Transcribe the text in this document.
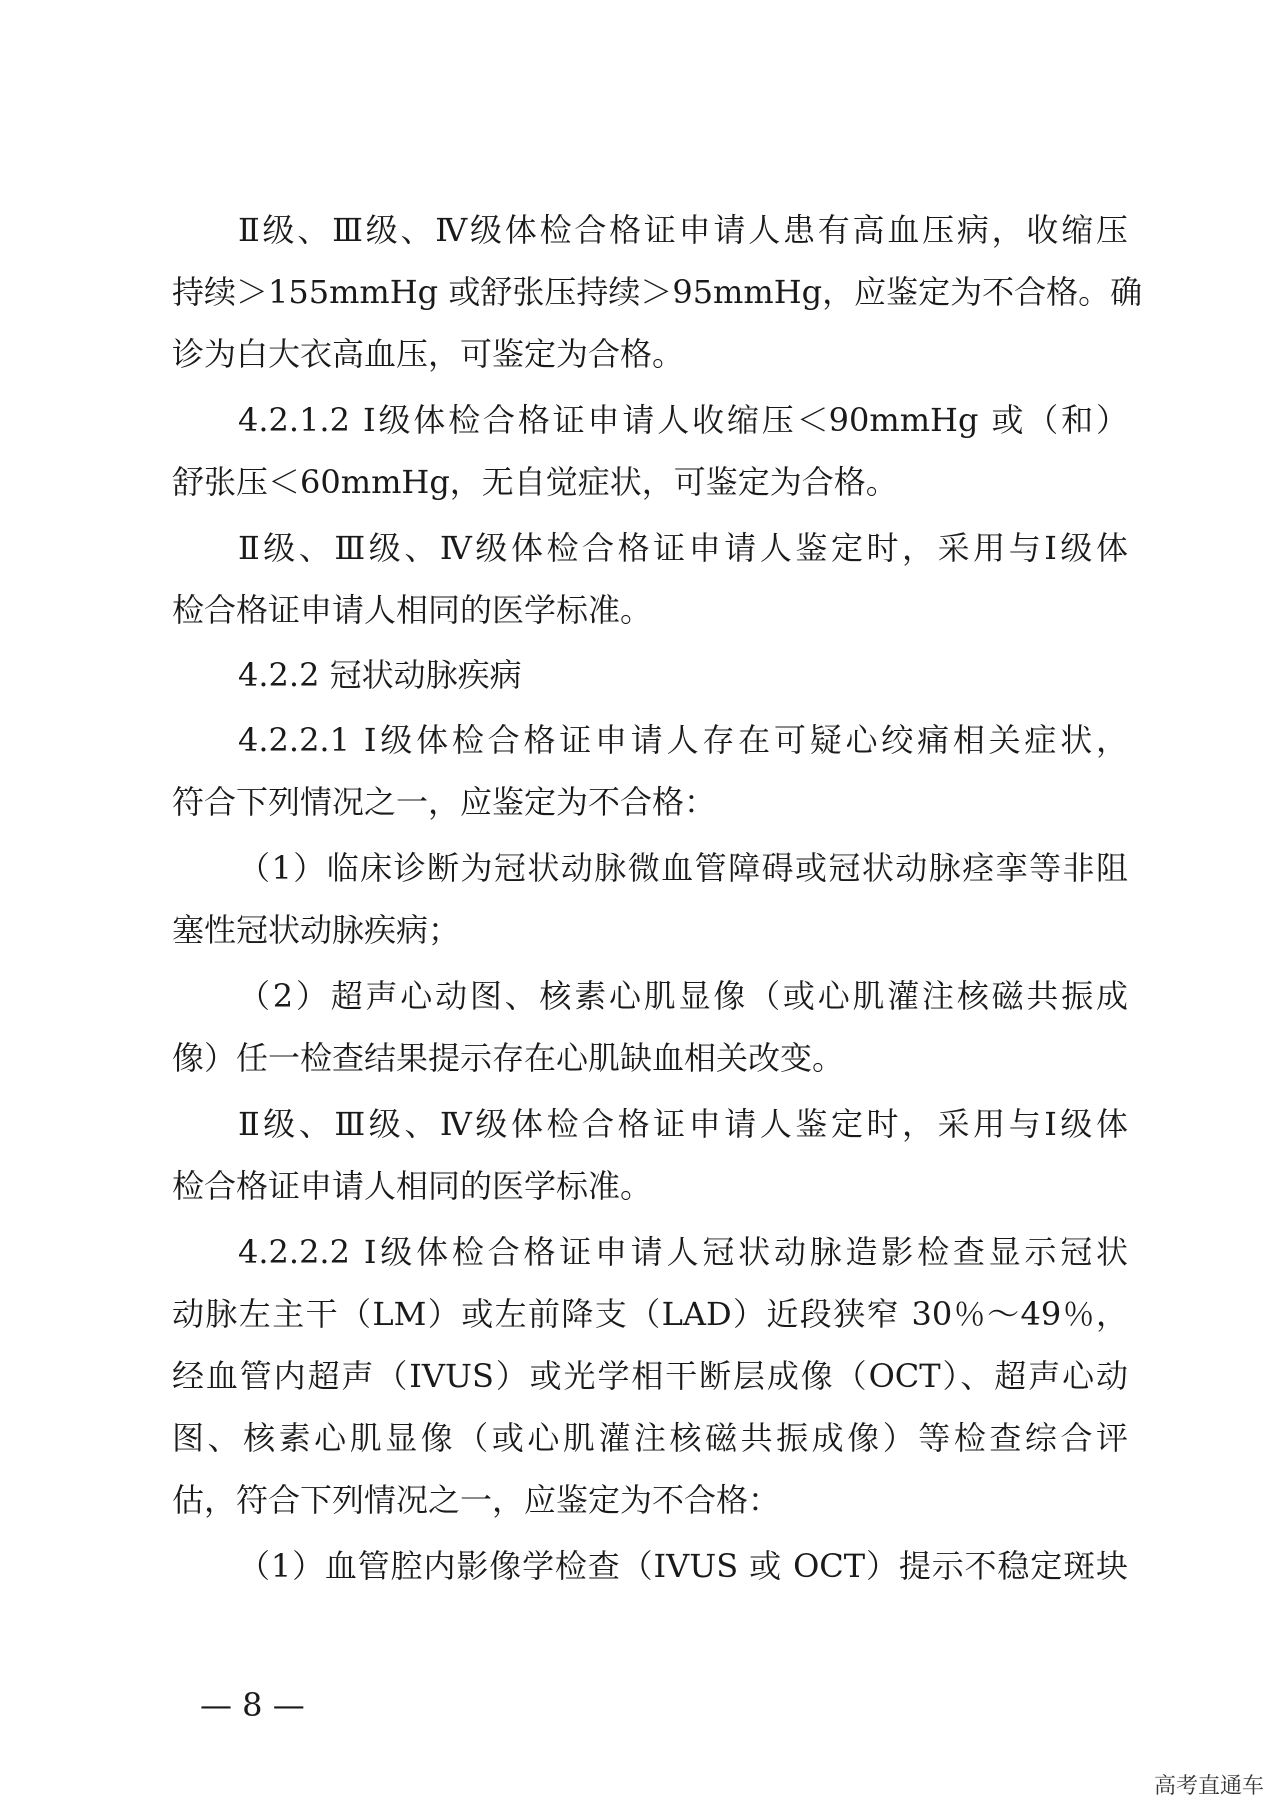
Ⅱ级、Ⅲ级、Ⅳ级体检合格证申请人患有高血压病，收缩压
持续＞155mmHg 或舒张压持续＞95mmHg，应鉴定为不合格。确
诊为白大衣高血压，可鉴定为合格。
4.2.1.2 Ⅰ级体检合格证申请人收缩压＜90mmHg 或（和）
舒张压＜60mmHg，无自觉症状，可鉴定为合格。
Ⅱ级、Ⅲ级、Ⅳ级体检合格证申请人鉴定时，采用与Ⅰ级体
检合格证申请人相同的医学标准。
4.2.2 冠状动脉疾病
4.2.2.1 Ⅰ级体检合格证申请人存在可疑心绞痛相关症状，
符合下列情况之一，应鉴定为不合格：
（1）临床诊断为冠状动脉微血管障碍或冠状动脉痉挛等非阻
塞性冠状动脉疾病；
（2）超声心动图、核素心肌显像（或心肌灌注核磁共振成
像）任一检查结果提示存在心肌缺血相关改变。
Ⅱ级、Ⅲ级、Ⅳ级体检合格证申请人鉴定时，采用与Ⅰ级体
检合格证申请人相同的医学标准。
4.2.2.2 Ⅰ级体检合格证申请人冠状动脉造影检查显示冠状
动脉左主干（LM）或左前降支（LAD）近段狭窄 30％～49％，
经血管内超声（IVUS）或光学相干断层成像（OCT）、超声心动
图、核素心肌显像（或心肌灌注核磁共振成像）等检查综合评
估，符合下列情况之一，应鉴定为不合格：
（1）血管腔内影像学检查（IVUS 或 OCT）提示不稳定斑块
— 8 —
高考直通车
